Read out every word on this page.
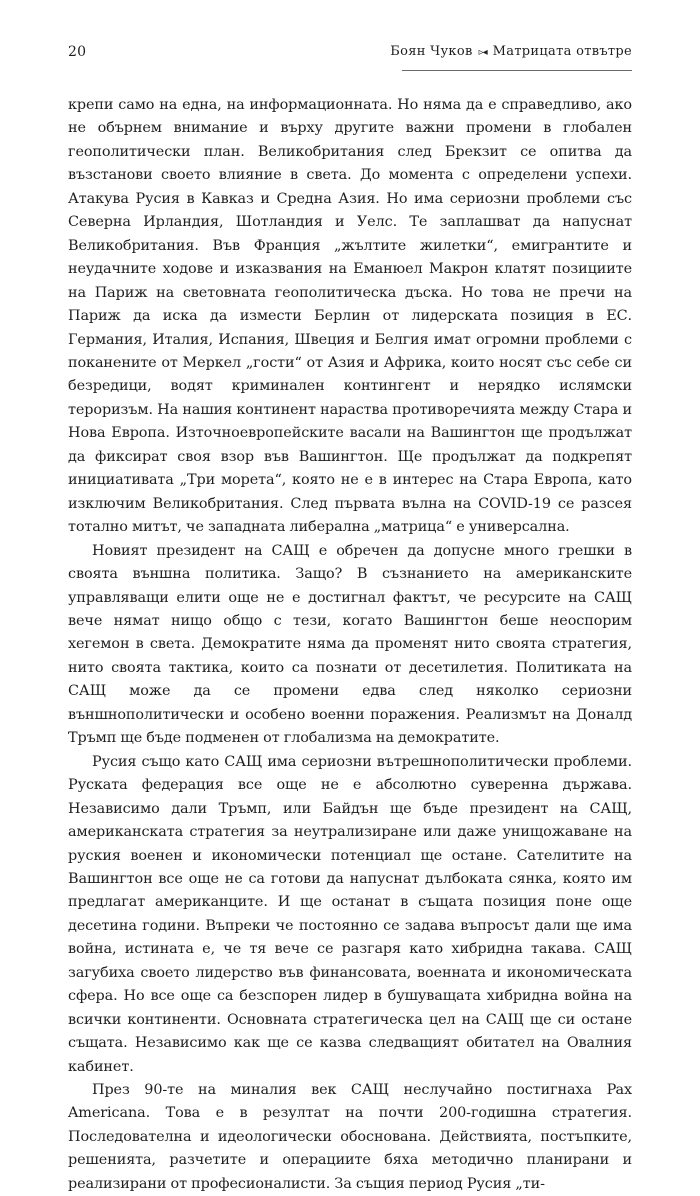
20	Боян Чуков ▹◂ Матрицата отвътре

крепи само на една, на информационната. Но няма да е справедливо, ако не обърнем внимание и върху другите важни промени в глобален геополитически план. Великобритания след Брекзит се опитва да възстанови своето влияние в света. До момента с определени успехи. Атакува Русия в Кавказ и Средна Азия. Но има сериозни проблеми със Северна Ирландия, Шотландия и Уелс. Те заплашват да напуснат Великобритания. Във Франция „жълтите жилетки“, емигрантите и неудачните ходове и изказвания на Еманюел Макрон клатят позициите на Париж на световната геополитическа дъска. Но това не пречи на Париж да иска да измести Берлин от лидерската позиция в ЕС. Германия, Италия, Испания, Швеция и Белгия имат огромни проблеми с поканените от Меркел „гости“ от Азия и Африка, които носят със себе си безредици, водят криминален контингент и нерядко ислямски тероризъм. На нашия континент нараства противоречията между Стара и Нова Европа. Източноевропейските васали на Вашингтон ще продължат да фиксират своя взор във Вашингтон. Ще продължат да подкрепят инициативата „Три морета“, която не е в интерес на Стара Европа, като изключим Великобритания. След първата вълна на COVID-19 се разсея тотално митът, че западната либерална „матрица“ е универсална.

Новият президент на САЩ е обречен да допусне много грешки в своята външна политика. Защо? В съзнанието на американските управляващи елити още не е достигнал фактът, че ресурсите на САЩ вече нямат нищо общо с тези, когато Вашингтон беше неоспорим хегемон в света. Демократите няма да променят нито своята стратегия, нито своята тактика, които са познати от десетилетия. Политиката на САЩ може да се промени едва след няколко сериозни външнополитически и особено военни поражения. Реализмът на Доналд Тръмп ще бъде подменен от глобализма на демократите.

Русия също като САЩ има сериозни вътрешнополитически проблеми. Руската федерация все още не е абсолютно суверенна държава. Независимо дали Тръмп, или Байдън ще бъде президент на САЩ, американската стратегия за неутрализиране или даже унищожаване на руския военен и икономически потенциал ще остане. Сателитите на Вашингтон все още не са готови да напуснат дълбоката сянка, която им предлагат американците. И ще останат в същата позиция поне още десетина години. Въпреки че постоянно се задава въпросът дали ще има война, истината е, че тя вече се разгаря като хибридна такава. САЩ загубиха своето лидерство във финансовата, военната и икономическата сфера. Но все още са безспорен лидер в бушуващата хибридна война на всички континенти. Основната стратегическа цел на САЩ ще си остане същата. Независимо как ще се казва следващият обитател на Овалния кабинет.

През 90-те на миналия век САЩ неслучайно постигнаха Pax Americana. Това е в резултат на почти 200-годишна стратегия. Последователна и идеологически обоснована. Действията, постъпките, решенията, разчетите и операциите бяха методично планирани и реализирани от професионалисти. За същия период Русия „ти-
